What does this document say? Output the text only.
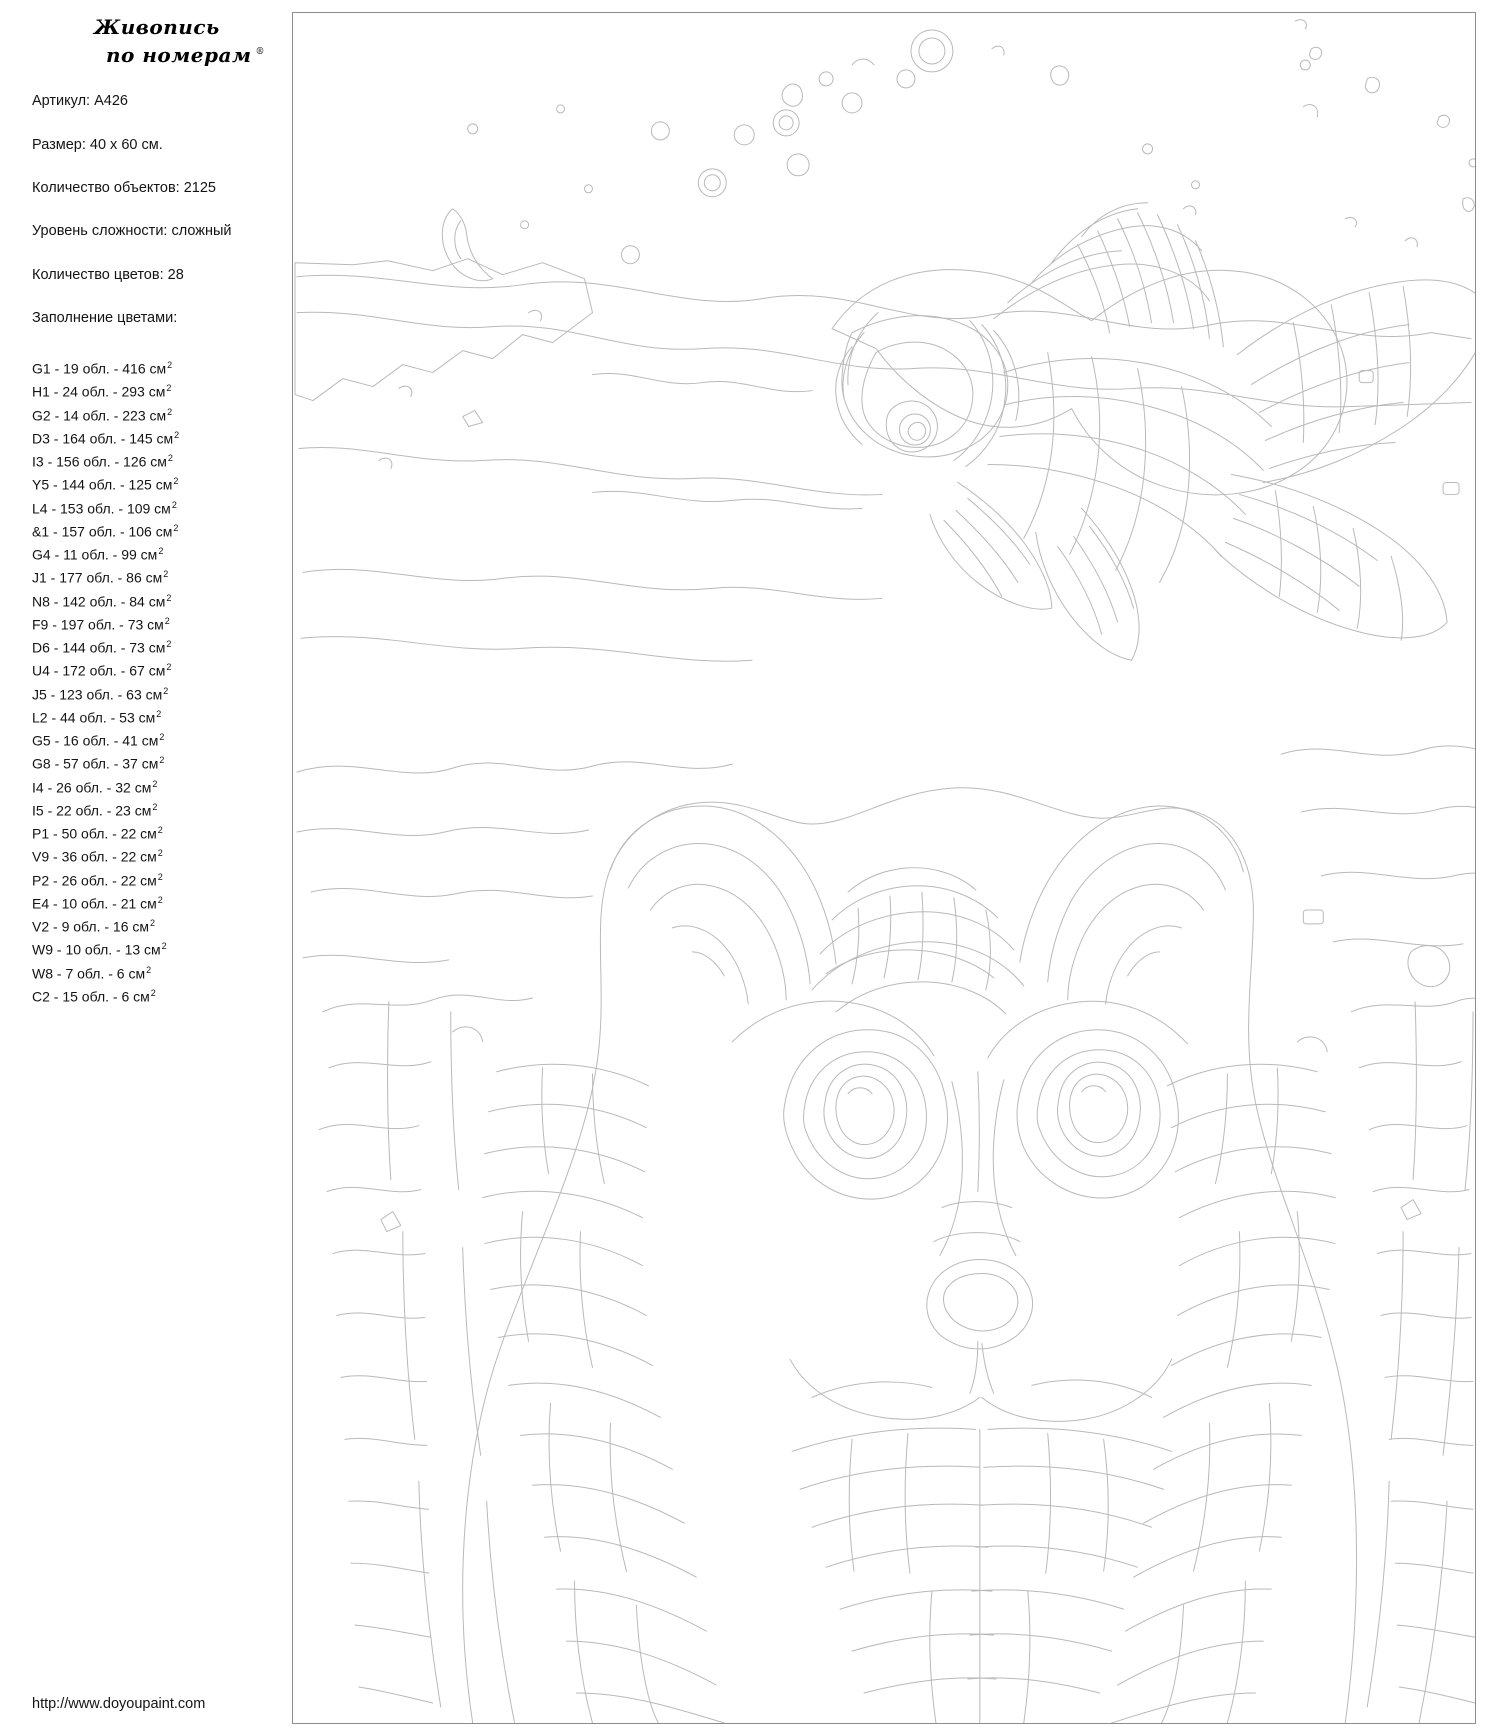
Живопись
по номерам ®

Артикул: A426

Размер: 40 x 60 см.

Количество объектов: 2125

Уровень сложности: сложный

Количество цветов: 28

Заполнение цветами:

G1 - 19 обл. - 416 $см^2$
H1 - 24 обл. - 293 $см^2$
G2 - 14 обл. - 223 $см^2$
D3 - 164 обл. - 145 $см^2$
I3 - 156 обл. - 126 $см^2$
Y5 - 144 обл. - 125 $см^2$
L4 - 153 обл. - 109 $см^2$
&1 - 157 обл. - 106 $см^2$
G4 - 11 обл. - 99 $см^2$
J1 - 177 обл. - 86 $см^2$
N8 - 142 обл. - 84 $см^2$
F9 - 197 обл. - 73 $см^2$
D6 - 144 обл. - 73 $см^2$
U4 - 172 обл. - 67 $см^2$
J5 - 123 обл. - 63 $см^2$
L2 - 44 обл. - 53 $см^2$
G5 - 16 обл. - 41 $см^2$
G8 - 57 обл. - 37 $см^2$
I4 - 26 обл. - 32 $см^2$
I5 - 22 обл. - 23 $см^2$
P1 - 50 обл. - 22 $см^2$
V9 - 36 обл. - 22 $см^2$
P2 - 26 обл. - 22 $см^2$
E4 - 10 обл. - 21 $см^2$
V2 - 9 обл. - 16 $см^2$
W9 - 10 обл. - 13 $см^2$
W8 - 7 обл. - 6 $см^2$
C2 - 15 обл. - 6 $см^2$
http://www.doyoupaint.com
